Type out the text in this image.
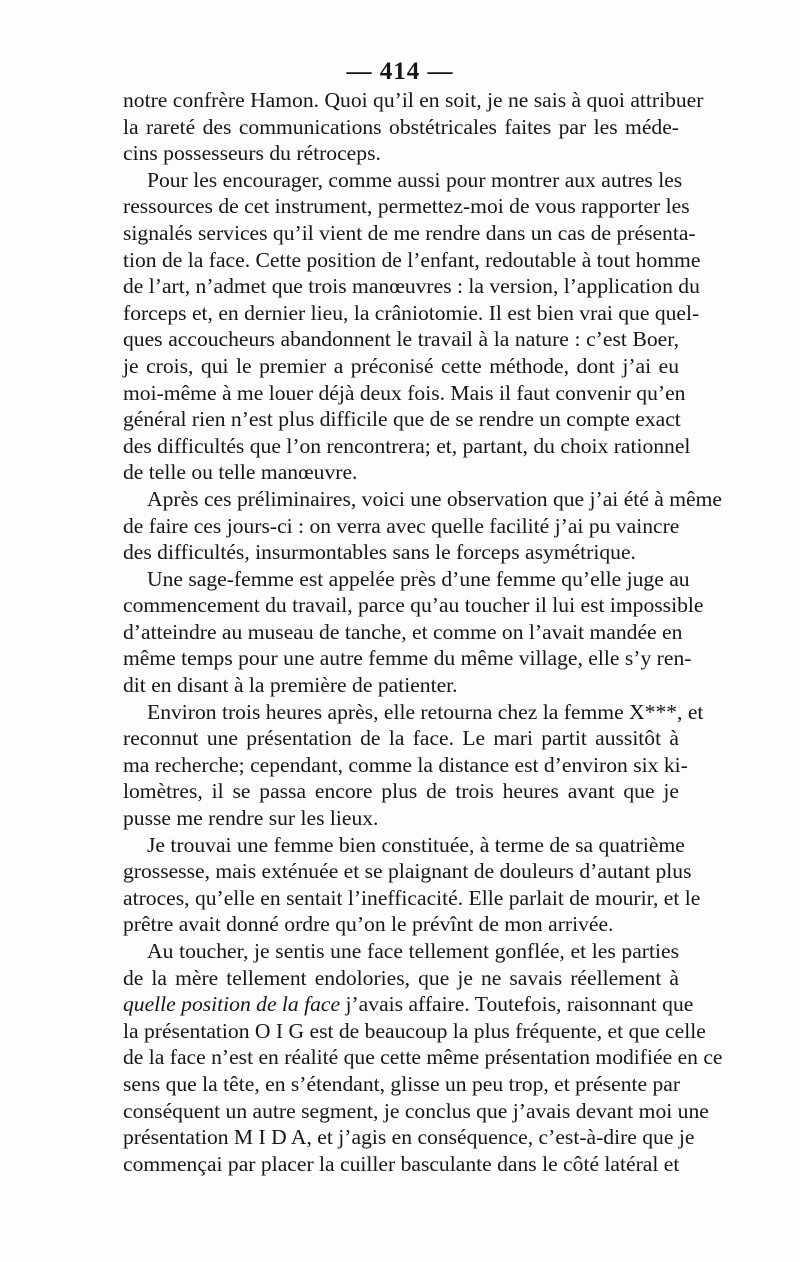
— 414 —

notre confrère Hamon. Quoi qu’il en soit, je ne sais à quoi attribuer
la rareté des communications obstétricales faites par les méde-
cins possesseurs du rétroceps.

Pour les encourager, comme aussi pour montrer aux autres les
ressources de cet instrument, permettez-moi de vous rapporter les
signalés services qu’il vient de me rendre dans un cas de présenta-
tion de la face. Cette position de l’enfant, redoutable à tout homme
de l’art, n’admet que trois manœuvres : la version, l’application du
forceps et, en dernier lieu, la crâniotomie. Il est bien vrai que quel-
ques accoucheurs abandonnent le travail à la nature : c’est Boer,
je crois, qui le premier a préconisé cette méthode, dont j’ai eu
moi-même à me louer déjà deux fois. Mais il faut convenir qu’en
général rien n’est plus difficile que de se rendre un compte exact
des difficultés que l’on rencontrera; et, partant, du choix rationnel
de telle ou telle manœuvre.

Après ces préliminaires, voici une observation que j’ai été à même
de faire ces jours-ci : on verra avec quelle facilité j’ai pu vaincre
des difficultés, insurmontables sans le forceps asymétrique.

Une sage-femme est appelée près d’une femme qu’elle juge au
commencement du travail, parce qu’au toucher il lui est impossible
d’atteindre au museau de tanche, et comme on l’avait mandée en
même temps pour une autre femme du même village, elle s’y ren-
dit en disant à la première de patienter.

Environ trois heures après, elle retourna chez la femme X***, et
reconnut une présentation de la face. Le mari partit aussitôt à
ma recherche; cependant, comme la distance est d’environ six ki-
lomètres, il se passa encore plus de trois heures avant que je
pusse me rendre sur les lieux.

Je trouvai une femme bien constituée, à terme de sa quatrième
grossesse, mais exténuée et se plaignant de douleurs d’autant plus
atroces, qu’elle en sentait l’inefficacité. Elle parlait de mourir, et le
prêtre avait donné ordre qu’on le prévînt de mon arrivée.

Au toucher, je sentis une face tellement gonflée, et les parties
de la mère tellement endolories, que je ne savais réellement à
quelle position de la face j’avais affaire. Toutefois, raisonnant que
la présentation O I G est de beaucoup la plus fréquente, et que celle
de la face n’est en réalité que cette même présentation modifiée en ce
sens que la tête, en s’étendant, glisse un peu trop, et présente par
conséquent un autre segment, je conclus que j’avais devant moi une
présentation M I D A, et j’agis en conséquence, c’est-à-dire que je
commençai par placer la cuiller basculante dans le côté latéral et
